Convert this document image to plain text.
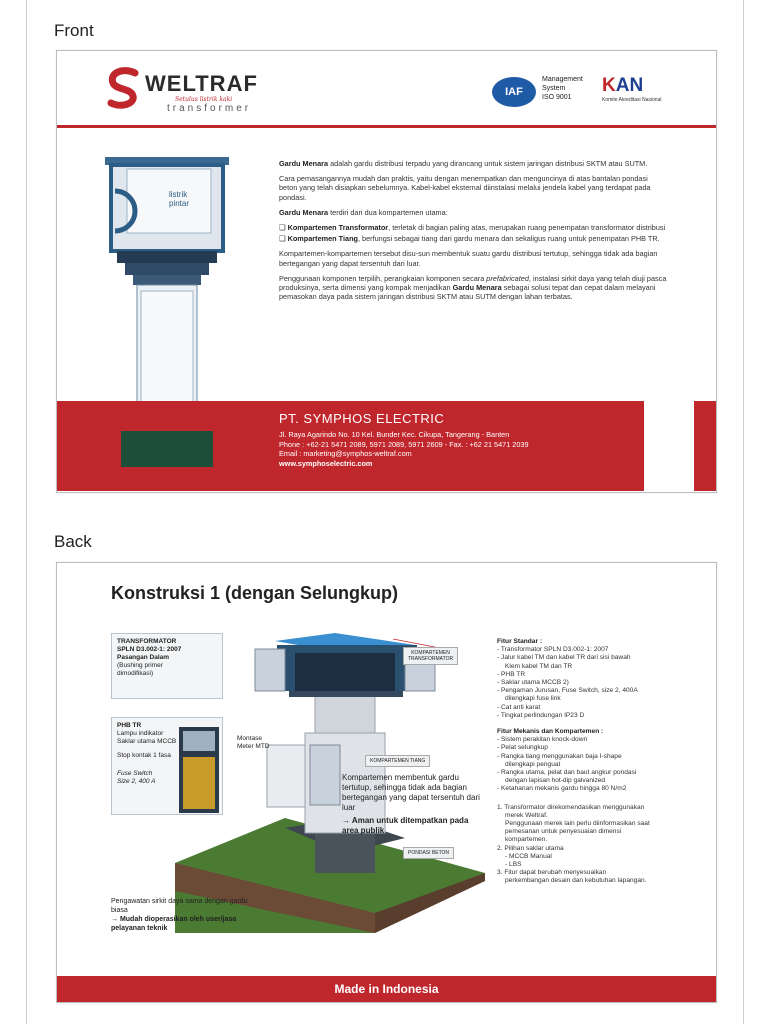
Front
WELTRAF
Setulus listrik kaki
transformer
IAF
Management
System
ISO 9001
KAN
Komite Akreditasi Nasional
listrik
pintar

Gardu Menara adalah gardu distribusi terpadu yang dirancang untuk sistem jaringan distribusi SKTM atau SUTM.

Cara pemasangannya mudah dan praktis, yaitu dengan menempatkan dan menguncinya di atas bantalan pondasi beton yang telah disiapkan sebelumnya. Kabel-kabel eksternal diinstalasi melalui jendela kabel yang terdapat pada pondasi.

Gardu Menara terdiri dari dua kompartemen utama:

❑ Kompartemen Transformator, terletak di bagian paling atas, merupakan ruang penempatan transformator distribusi

❑ Kompartemen Tiang, berfungsi sebagai tiang dari gardu menara dan sekaligus ruang untuk penempatan PHB TR.

Kompartemen-kompartemen tersebut disu-sun membentuk suatu gardu distribusi tertutup, sehingga tidak ada bagian bertegangan yang dapat tersentuh dari luar.

Penggunaan komponen terpilih, perangkaian komponen secara prefabricated, instalasi sirkit daya yang telah diuji pasca produksinya, serta dimensi yang kompak menjadikan Gardu Menara sebagai solusi tepat dan cepat dalam melayani pemasokan daya pada sistem jaringan distribusi SKTM atau SUTM dengan lahan terbatas.

PT. SYMPHOS ELECTRIC
Jl. Raya Agarindo No. 10 Kel. Bunder Kec. Cikupa, Tangerang - Banten
Phone : +62-21 5471 2089, 5971 2089, 5971 2609 - Fax. : +62 21 5471 2039
Email : marketing@symphos-weltraf.com
www.symphoselectric.com
Back
Konstruksi 1 (dengan Selungkup)
TRANSFORMATOR
SPLN D3.002-1: 2007
Pasangan Dalam
(Bushing primer
dimodifikasi)
PHB TR
Lampu indikator
Saklar utama MCCB
Stop kontak 1 fasa
Fuse Switch
Size 2, 400 A
Montase
Meter MTD
KOMPARTEMEN
TRANSFORMATOR
KOMPARTEMEN TIANG
PONDASI BETON
Kompartemen membentuk gardu tertutup, sehingga tidak ada bagian bertegangan yang dapat tersentuh dari luar
→ Aman untuk ditempatkan pada area publik
Pengawatan sirkit daya sama dengan gardu biasa
→ Mudah dioperasikan oleh user/jasa pelayanan teknik
Fitur Standar :
- Transformator SPLN D3.002-1: 2007
- Jalur kabel TM dan kabel TR dari sisi bawah
Klem kabel TM dan TR
- PHB TR
- Saklar utama MCCB 2)
- Pengaman Jurusan, Fuse Switch, size 2, 400A
dilengkapi fuse link
- Cat anti karat
- Tingkat perlindungan IP23 D
Fitur Mekanis dan Kompartemen :
- Sistem perakitan knock-down
- Pelat selungkup
- Rangka tiang menggunakan baja I-shape
dilengkapi penguat
- Rangka utama, pelat dan baut angkur pondasi
dengan lapisan hot-dip galvanized
- Ketahanan mekanis gardu hingga 80 N/m2
1. Transformator direkomendasikan menggunakan
merek Weltraf.
Penggunaan merek lain perlu diinformasikan saat
pemesanan untuk penyesuaian dimensi
kompartemen.
2. Pilihan saklar utama
- MCCB Manual
- LBS
3. Fitur dapat berubah menyesuaikan
perkembangan desain dan kebutuhan lapangan.
Made in Indonesia
